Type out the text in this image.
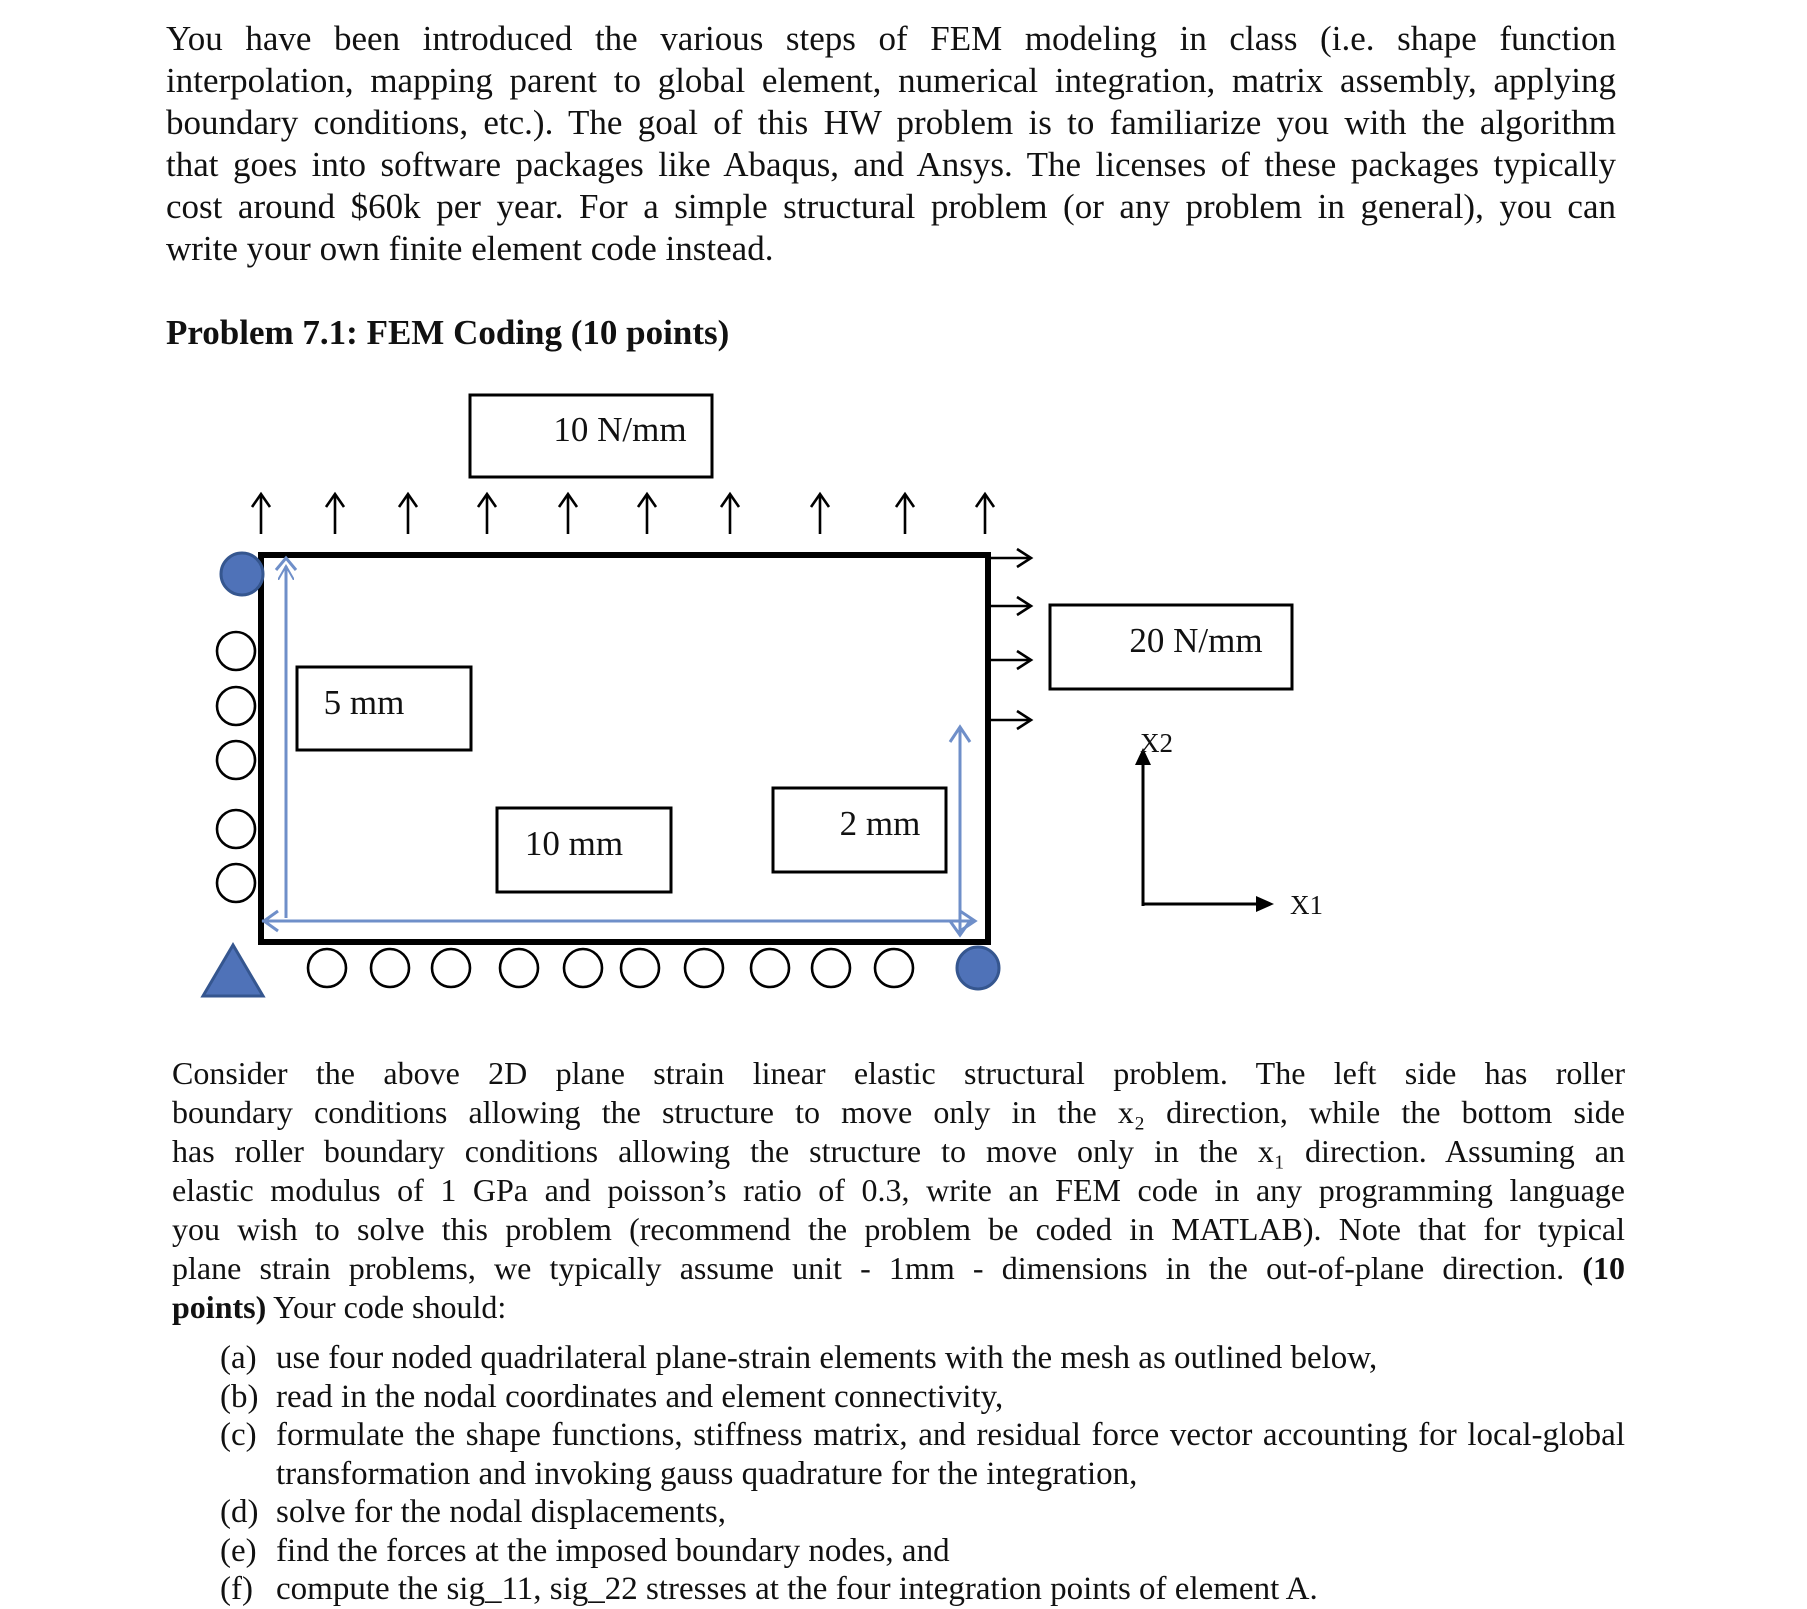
You have been introduced the various steps of FEM modeling in class (i.e. shape function
interpolation, mapping parent to global element, numerical integration, matrix assembly, applying
boundary conditions, etc.). The goal of this HW problem is to familiarize you with the algorithm
that goes into software packages like Abaqus, and Ansys. The licenses of these packages typically
cost around $60k per year. For a simple structural problem (or any problem in general), you can
write your own finite element code instead.
Problem 7.1: FEM Coding (10 points)
10 N/mm
5 mm
10 mm
2 mm
20 N/mm
X2
X1
Consider the above 2D plane strain linear elastic structural problem. The left side has roller
boundary conditions allowing the structure to move only in the x₂ direction, while the bottom side
has roller boundary conditions allowing the structure to move only in the x₁ direction. Assuming an
elastic modulus of 1 GPa and poisson’s ratio of 0.3, write an FEM code in any programming language
you wish to solve this problem (recommend the problem be coded in MATLAB). Note that for typical
plane strain problems, we typically assume unit - 1mm - dimensions in the out-of-plane direction. (10
points) Your code should:
(a) use four noded quadrilateral plane-strain elements with the mesh as outlined below,
(b) read in the nodal coordinates and element connectivity,
(c) formulate the shape functions, stiffness matrix, and residual force vector accounting for local-global transformation and invoking gauss quadrature for the integration,
(d) solve for the nodal displacements,
(e) find the forces at the imposed boundary nodes, and
(f) compute the sig_11, sig_22 stresses at the four integration points of element A.
